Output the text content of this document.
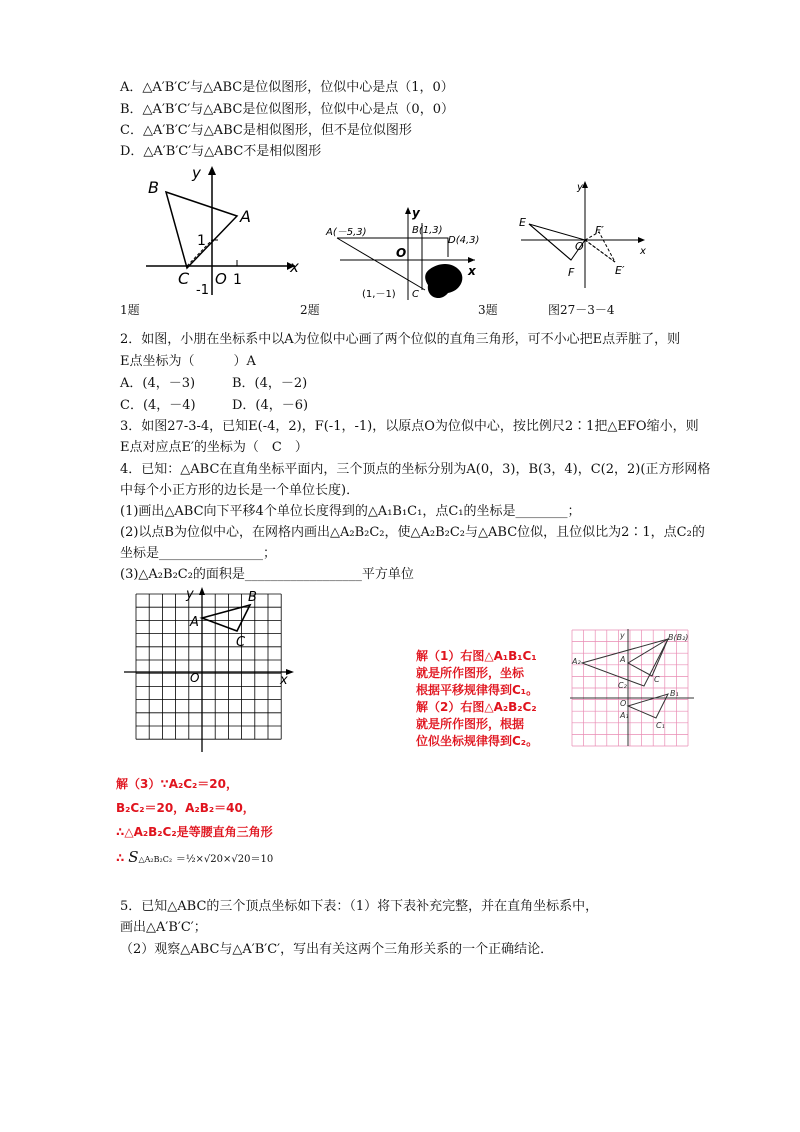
A．△A′B′C′与△ABC是位似图形，位似中心是点（1，0）
B．△A′B′C′与△ABC是位似图形，位似中心是点（0，0）
C．△A′B′C′与△ABC是相似图形，但不是位似图形
D．△A′B′C′与△ABC不是相似图形
y
x
B
A
C O
1
1
-1
1题
y
x
O
A(－5,3)	B(1,3)
D(4,3)
C
(1,－1)
2题
y
x
E
F
O
F′
E′
3题	图27－3－4
2．如图，小朋在坐标系中以A为位似中心画了两个位似的直角三角形，可不小心把E点弄脏了，则
E点坐标为（　　　）A
A．(4，－3)	B．(4，－2)
C．(4，－4)	D．(4，－6)
3．如图27-3-4，已知E(-4，2)，F(-1，-1)，以原点O为位似中心，按比例尺2∶1把△EFO缩小，则
E点对应点E′的坐标为（　C　）
4．已知：△ABC在直角坐标平面内，三个顶点的坐标分别为A(0，3)，B(3，4)，C(2，2)(正方形网格
中每个小正方形的边长是一个单位长度)．
(1)画出△ABC向下平移4个单位长度得到的△A₁B₁C₁，点C₁的坐标是________；
(2)以点B为位似中心，在网格内画出△A₂B₂C₂，使△A₂B₂C₂与△ABC位似，且位似比为2∶1，点C₂的
坐标是________________；
(3)△A₂B₂C₂的面积是__________________平方单位
y
x
O
A
B
C
解（1）右图△A₁B₁C₁
就是所作图形，坐标
根据平移规律得到C₁。
解（2）右图△A₂B₂C₂
就是所作图形，根据
位似坐标规律得到C₂。
y	B(B₂)
A₂	A
C₂
C
O
B₁
A₁
C₁
解（3）∵A₂C₂＝20，
B₂C₂＝20，A₂B₂＝40，
∴△A₂B₂C₂是等腰直角三角形
∴ S△A₂B₂C₂ ＝½×√20×√20＝10
5．已知△ABC的三个顶点坐标如下表：（1）将下表补充完整，并在直角坐标系中，
画出△A′B′C′；
（2）观察△ABC与△A′B′C′，写出有关这两个三角形关系的一个正确结论．
